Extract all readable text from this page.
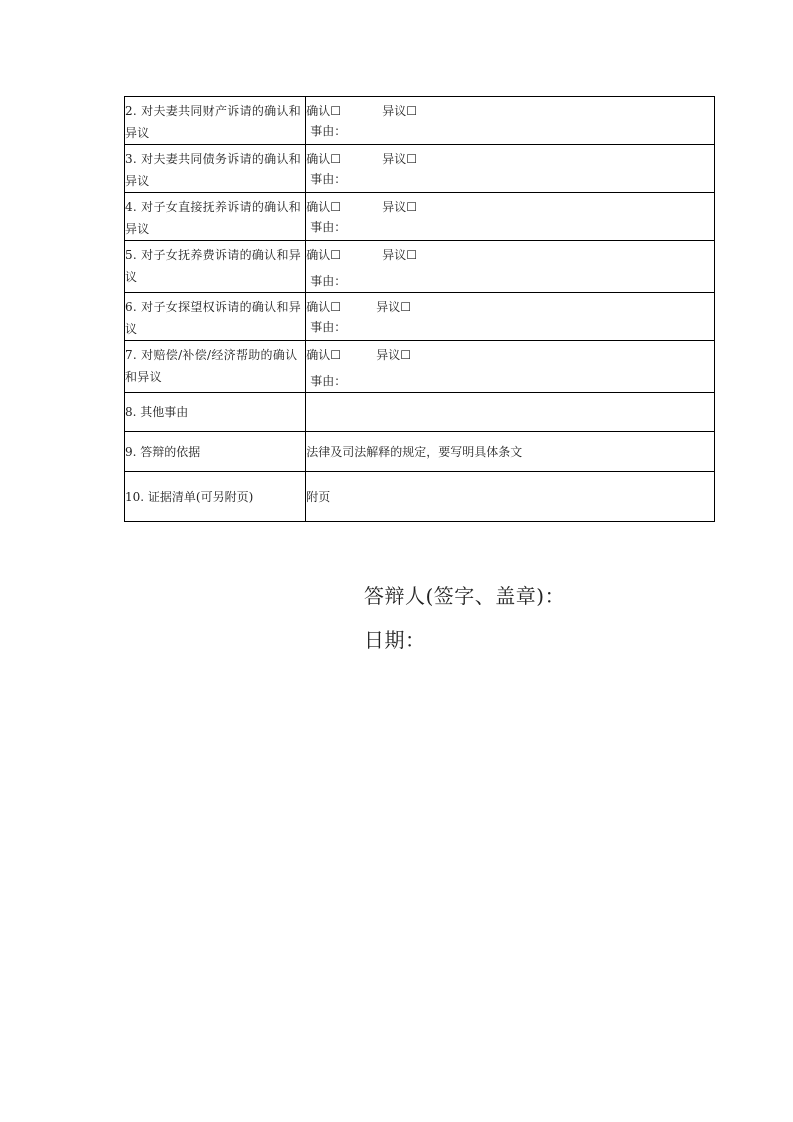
2. 对夫妻共同财产诉请的确认和异议	确认☐ 异议☐
事由：

3. 对夫妻共同债务诉请的确认和异议	确认☐ 异议☐
事由：

4. 对子女直接抚养诉请的确认和异议	确认☐ 异议☐
事由：

5. 对子女抚养费诉请的确认和异议	确认☐ 异议☐
事由：

6. 对子女探望权诉请的确认和异议	确认☐ 异议☐
事由：

7. 对赔偿/补偿/经济帮助的确认和异议	确认☐ 异议☐
事由：

8. 其他事由	
9. 答辩的依据	法律及司法解释的规定，要写明具体条文
10. 证据清单(可另附页)	附页
答辩人(签字、盖章)：
日期：
